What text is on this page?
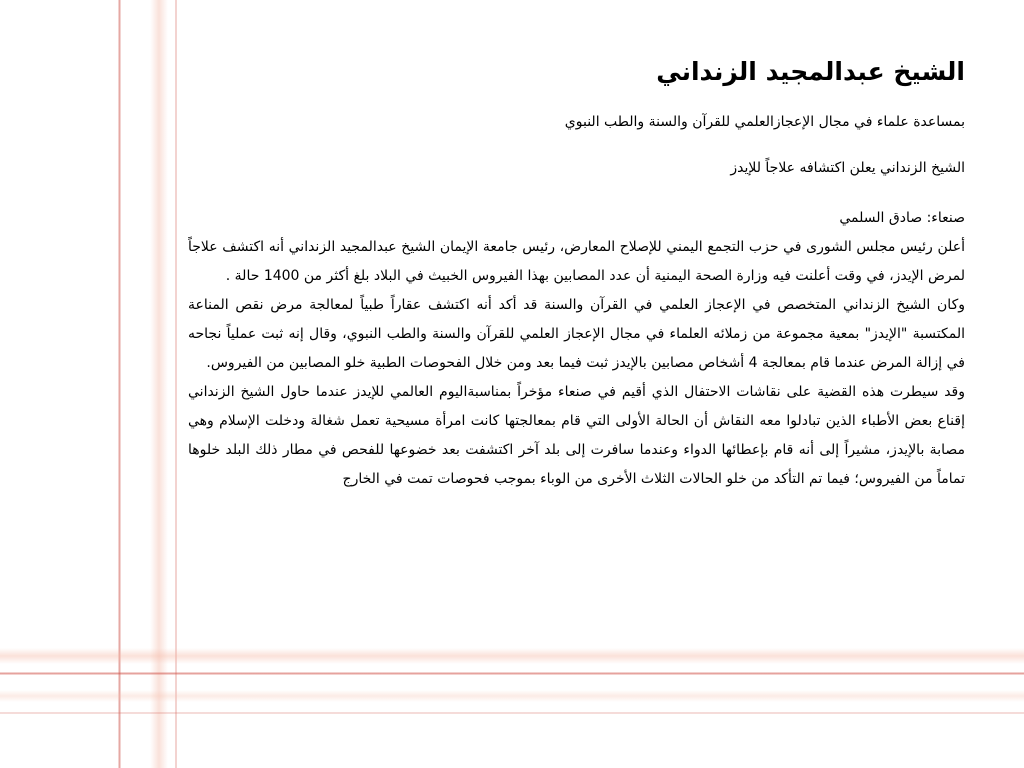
الشيخ عبدالمجيد الزنداني

بمساعدة علماء في مجال الإعجازالعلمي للقرآن والسنة والطب النبوي

الشيخ الزنداني يعلن اكتشافه علاجاً للإيدز

صنعاء: صادق السلمي

أعلن رئيس مجلس الشورى في حزب التجمع اليمني للإصلاح المعارض، رئيس جامعة الإيمان الشيخ عبدالمجيد الزنداني أنه اكتشف علاجاً لمرض الإيدز، في وقت أعلنت فيه وزارة الصحة اليمنية أن عدد المصابين بهذا الفيروس الخبيث في البلاد بلغ أكثر من 1400 حالة .

وكان الشيخ الزنداني المتخصص في الإعجاز العلمي في القرآن والسنة قد أكد أنه اكتشف عقاراً طبياً لمعالجة مرض نقص المناعة المكتسبة "الإيدز" بمعية مجموعة من زملائه العلماء في مجال الإعجاز العلمي للقرآن والسنة والطب النبوي، وقال إنه ثبت عملياً نجاحه في إزالة المرض عندما قام بمعالجة 4 أشخاص مصابين بالإيدز ثبت فيما بعد ومن خلال الفحوصات الطبية خلو المصابين من الفيروس.

وقد سيطرت هذه القضية على نقاشات الاحتفال الذي أقيم في صنعاء مؤخراً بمناسبةاليوم العالمي للإيدز عندما حاول الشيخ الزنداني إقناع بعض الأطباء الذين تبادلوا معه النقاش أن الحالة الأولى التي قام بمعالجتها كانت امرأة مسيحية تعمل شغالة ودخلت الإسلام وهي مصابة بالإيدز، مشيراً إلى أنه قام بإعطائها الدواء وعندما سافرت إلى بلد آخر اكتشفت بعد خضوعها للفحص في مطار ذلك البلد خلوها تماماً من الفيروس؛ فيما تم التأكد من خلو الحالات الثلاث الأخرى من الوباء بموجب فحوصات تمت في الخارج
